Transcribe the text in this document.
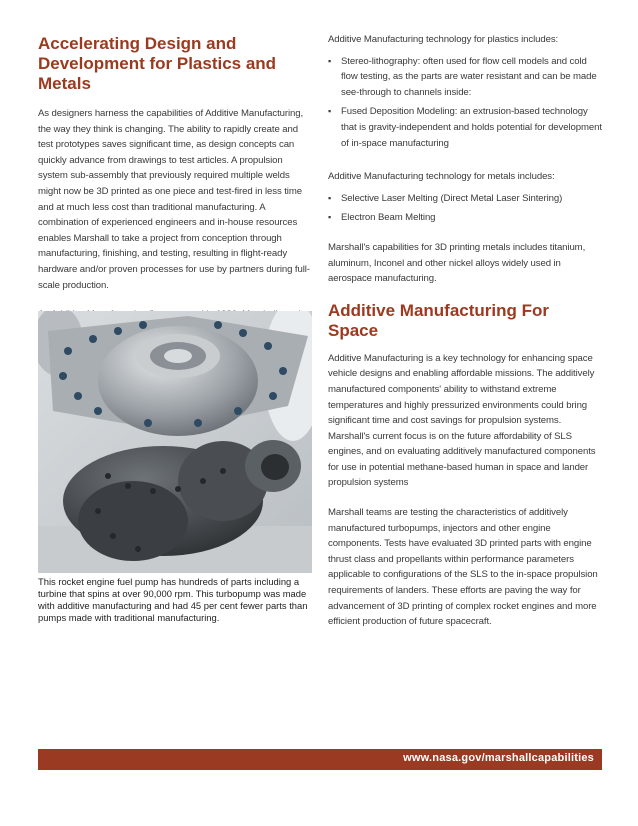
Accelerating Design and Development for Plastics and Metals

As designers harness the capabilities of Additive Manufacturing, the way they think is changing. The ability to rapidly create and test prototypes saves significant time, as design concepts can quickly advance from drawings to test articles. A propulsion system sub-assembly that previously required multiple welds might now be 3D printed as one piece and test-fired in less time and at much less cost than traditional manufacturing. A combination of experienced engineers and in-house resources enables Marshall to take a project from conception through manufacturing, finishing, and testing, resulting in flight-ready hardware and/or proven processes for use by partners during full-scale production.

This rocket engine fuel pump has hundreds of parts including a turbine that spins at over 90,000 rpm. This turbopump was made with additive manufacturing and had 45 per cent fewer parts than pumps made with traditional manufacturing.

Additive Manufacturing technology for plastics includes:

▪ Stereo-lithography: often used for flow cell models and cold flow testing, as the parts are water resistant and can be made see-through to channels inside:
▪ Fused Deposition Modeling: an extrusion-based technology that is gravity-independent and holds potential for development of in-space manufacturing

Additive Manufacturing technology for metals includes:

▪ Selective Laser Melting (Direct Metal Laser Sintering)
▪ Electron Beam Melting

Marshall's capabilities for 3D printing metals includes titanium, aluminum, Inconel and other nickel alloys widely used in aerospace manufacturing.

Additive Manufacturing For Space

Additive Manufacturing is a key technology for enhancing space vehicle designs and enabling affordable missions. The additively manufactured components' ability to withstand extreme temperatures and highly pressurized environments could bring significant time and cost savings for propulsion systems. Marshall's current focus is on the future affordability of SLS engines, and on evaluating additively manufactured components for use in potential methane-based human in space and lander propulsion systems

Marshall teams are testing the characteristics of additively manufactured turbopumps, injectors and other engine components. Tests have evaluated 3D printed parts with engine thrust class and propellants within performance parameters applicable to configurations of the SLS to the in-space propulsion requirements of landers. These efforts are paving the way for advancement of 3D printing of complex rocket engines and more efficient production of future spacecraft.

www.nasa.gov/marshallcapabilities
